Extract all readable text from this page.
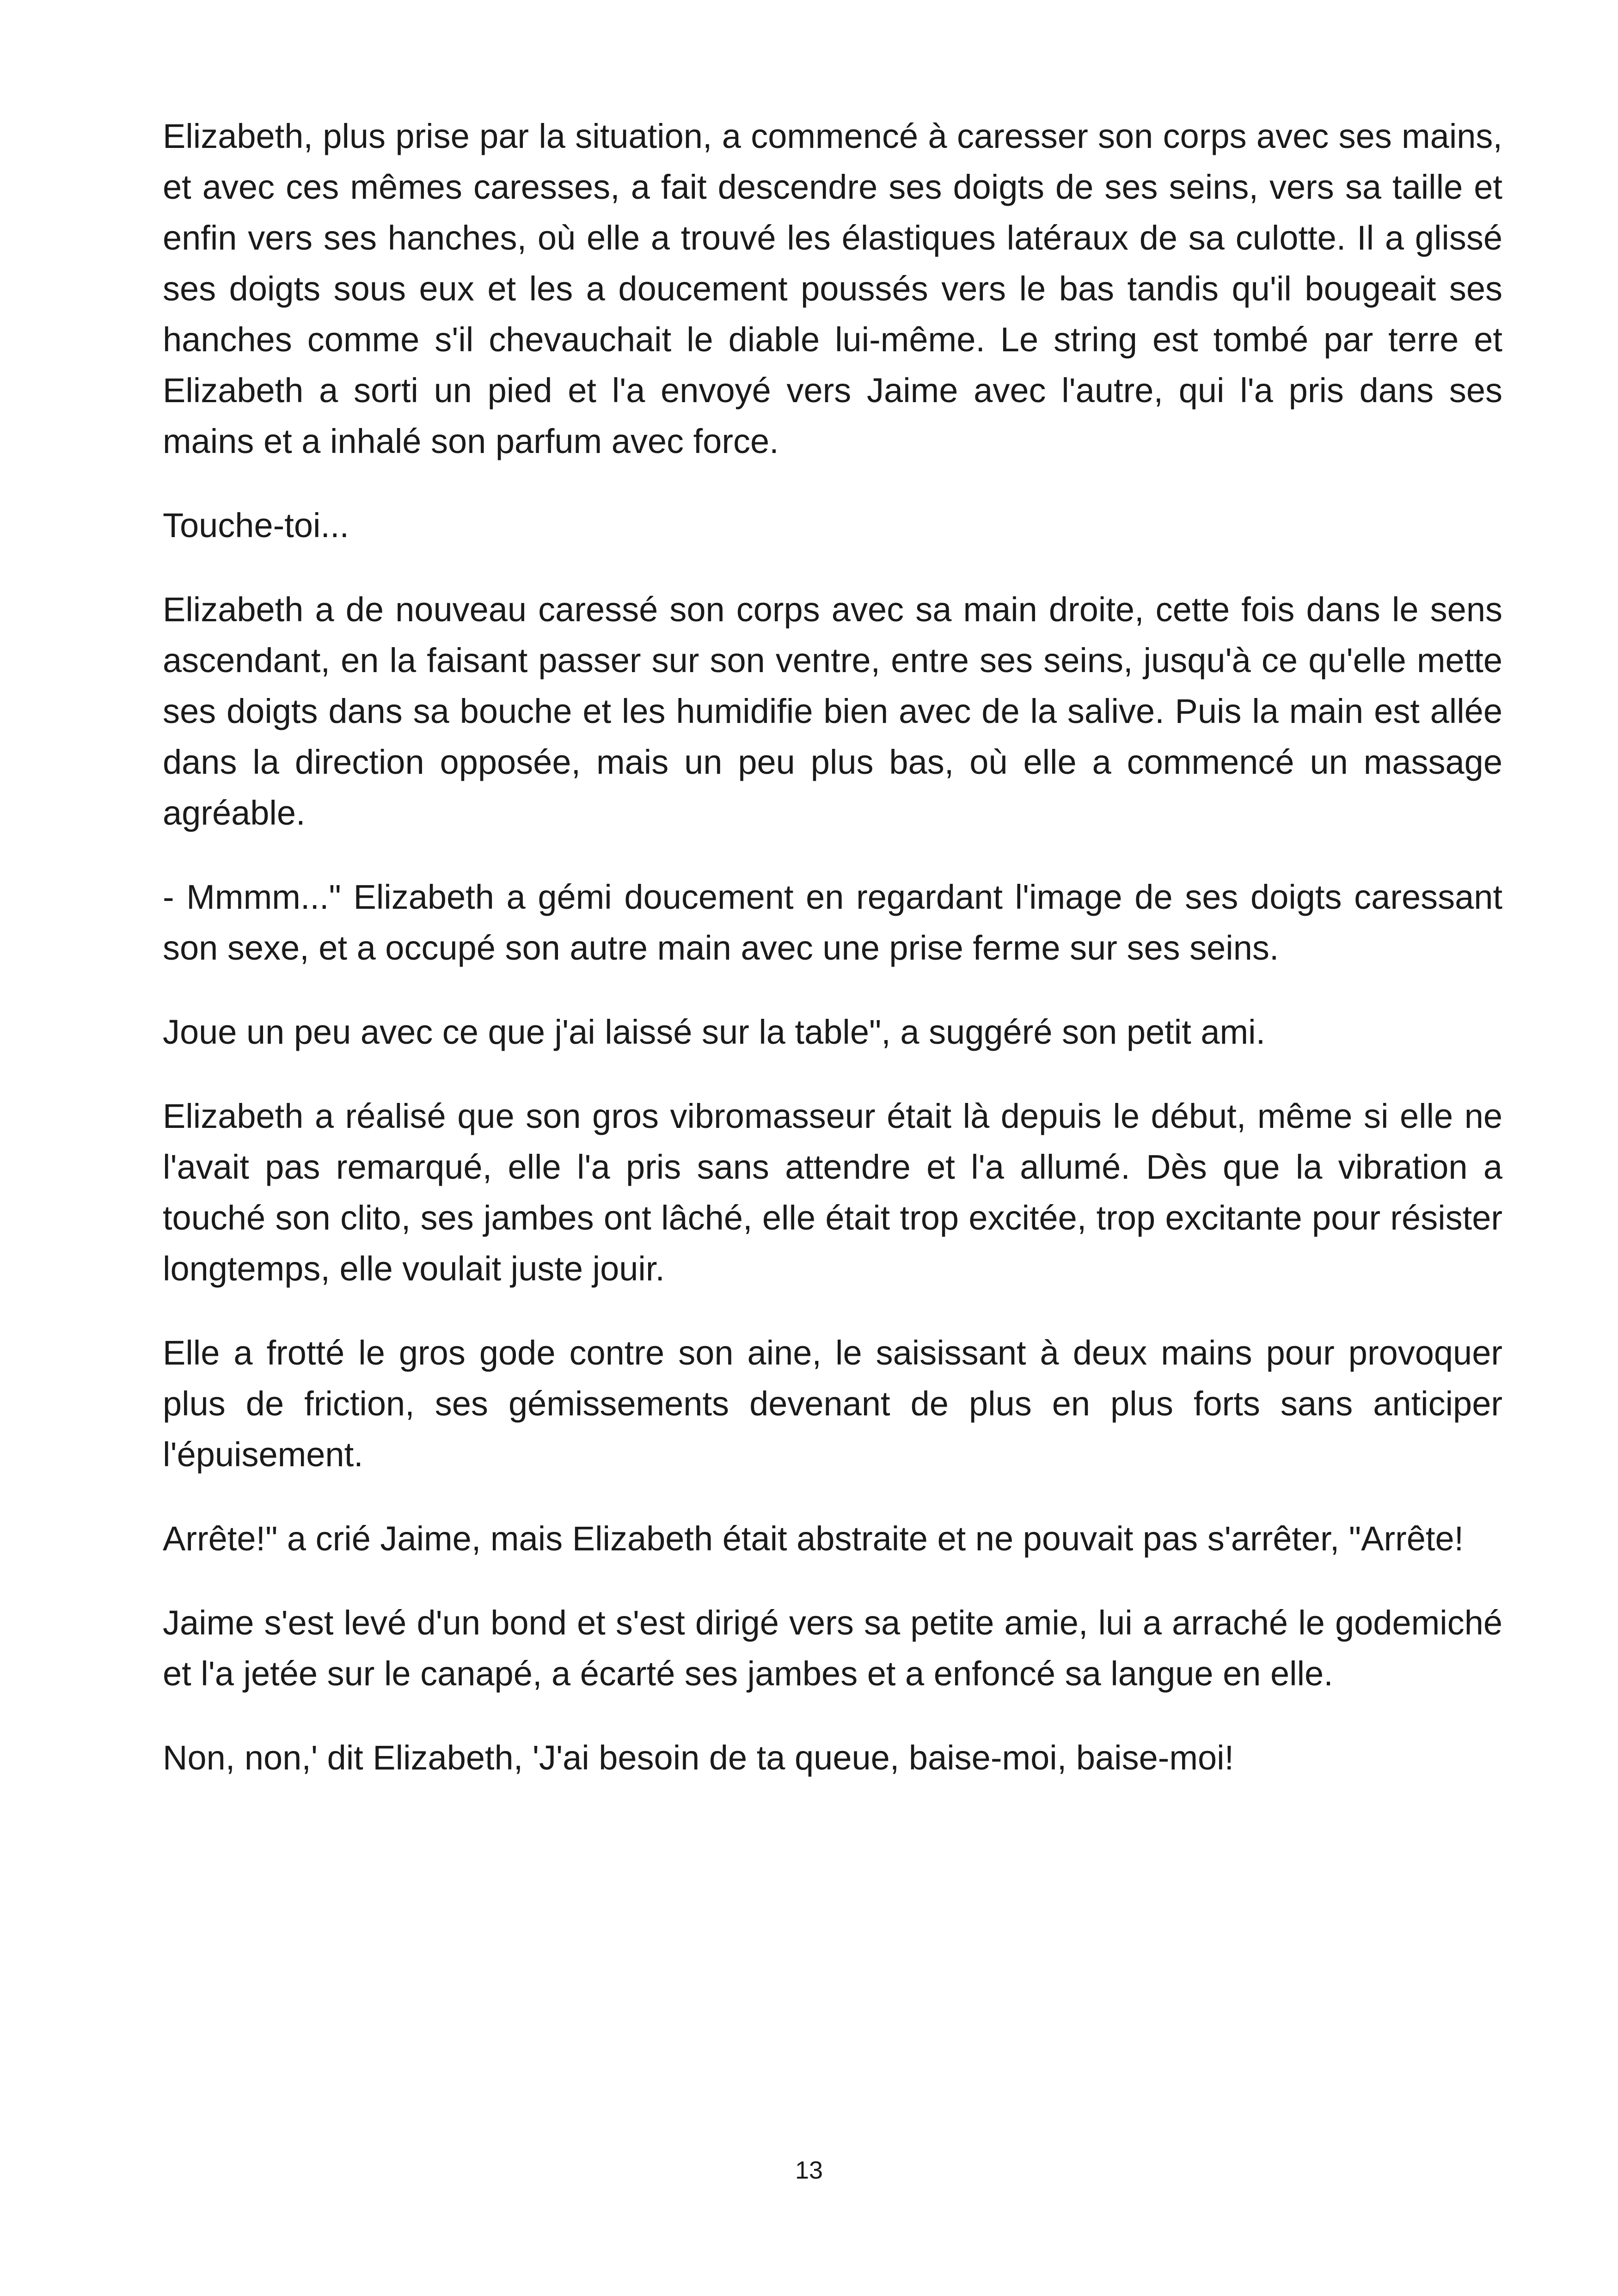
Elizabeth, plus prise par la situation, a commencé à caresser son corps avec ses mains, et avec ces mêmes caresses, a fait descendre ses doigts de ses seins, vers sa taille et enfin vers ses hanches, où elle a trouvé les élastiques latéraux de sa culotte. Il a glissé ses doigts sous eux et les a doucement poussés vers le bas tandis qu'il bougeait ses hanches comme s'il chevauchait le diable lui-même. Le string est tombé par terre et Elizabeth a sorti un pied et l'a envoyé vers Jaime avec l'autre, qui l'a pris dans ses mains et a inhalé son parfum avec force.

Touche-toi...

Elizabeth a de nouveau caressé son corps avec sa main droite, cette fois dans le sens ascendant, en la faisant passer sur son ventre, entre ses seins, jusqu'à ce qu'elle mette ses doigts dans sa bouche et les humidifie bien avec de la salive. Puis la main est allée dans la direction opposée, mais un peu plus bas, où elle a commencé un massage agréable.

- Mmmm..." Elizabeth a gémi doucement en regardant l'image de ses doigts caressant son sexe, et a occupé son autre main avec une prise ferme sur ses seins.

Joue un peu avec ce que j'ai laissé sur la table", a suggéré son petit ami.

Elizabeth a réalisé que son gros vibromasseur était là depuis le début, même si elle ne l'avait pas remarqué, elle l'a pris sans attendre et l'a allumé. Dès que la vibration a touché son clito, ses jambes ont lâché, elle était trop excitée, trop excitante pour résister longtemps, elle voulait juste jouir.

Elle a frotté le gros gode contre son aine, le saisissant à deux mains pour provoquer plus de friction, ses gémissements devenant de plus en plus forts sans anticiper l'épuisement.

Arrête!" a crié Jaime, mais Elizabeth était abstraite et ne pouvait pas s'arrêter, "Arrête!

Jaime s'est levé d'un bond et s'est dirigé vers sa petite amie, lui a arraché le godemiché et l'a jetée sur le canapé, a écarté ses jambes et a enfoncé sa langue en elle.

Non, non,' dit Elizabeth, 'J'ai besoin de ta queue, baise-moi, baise-moi!

13
